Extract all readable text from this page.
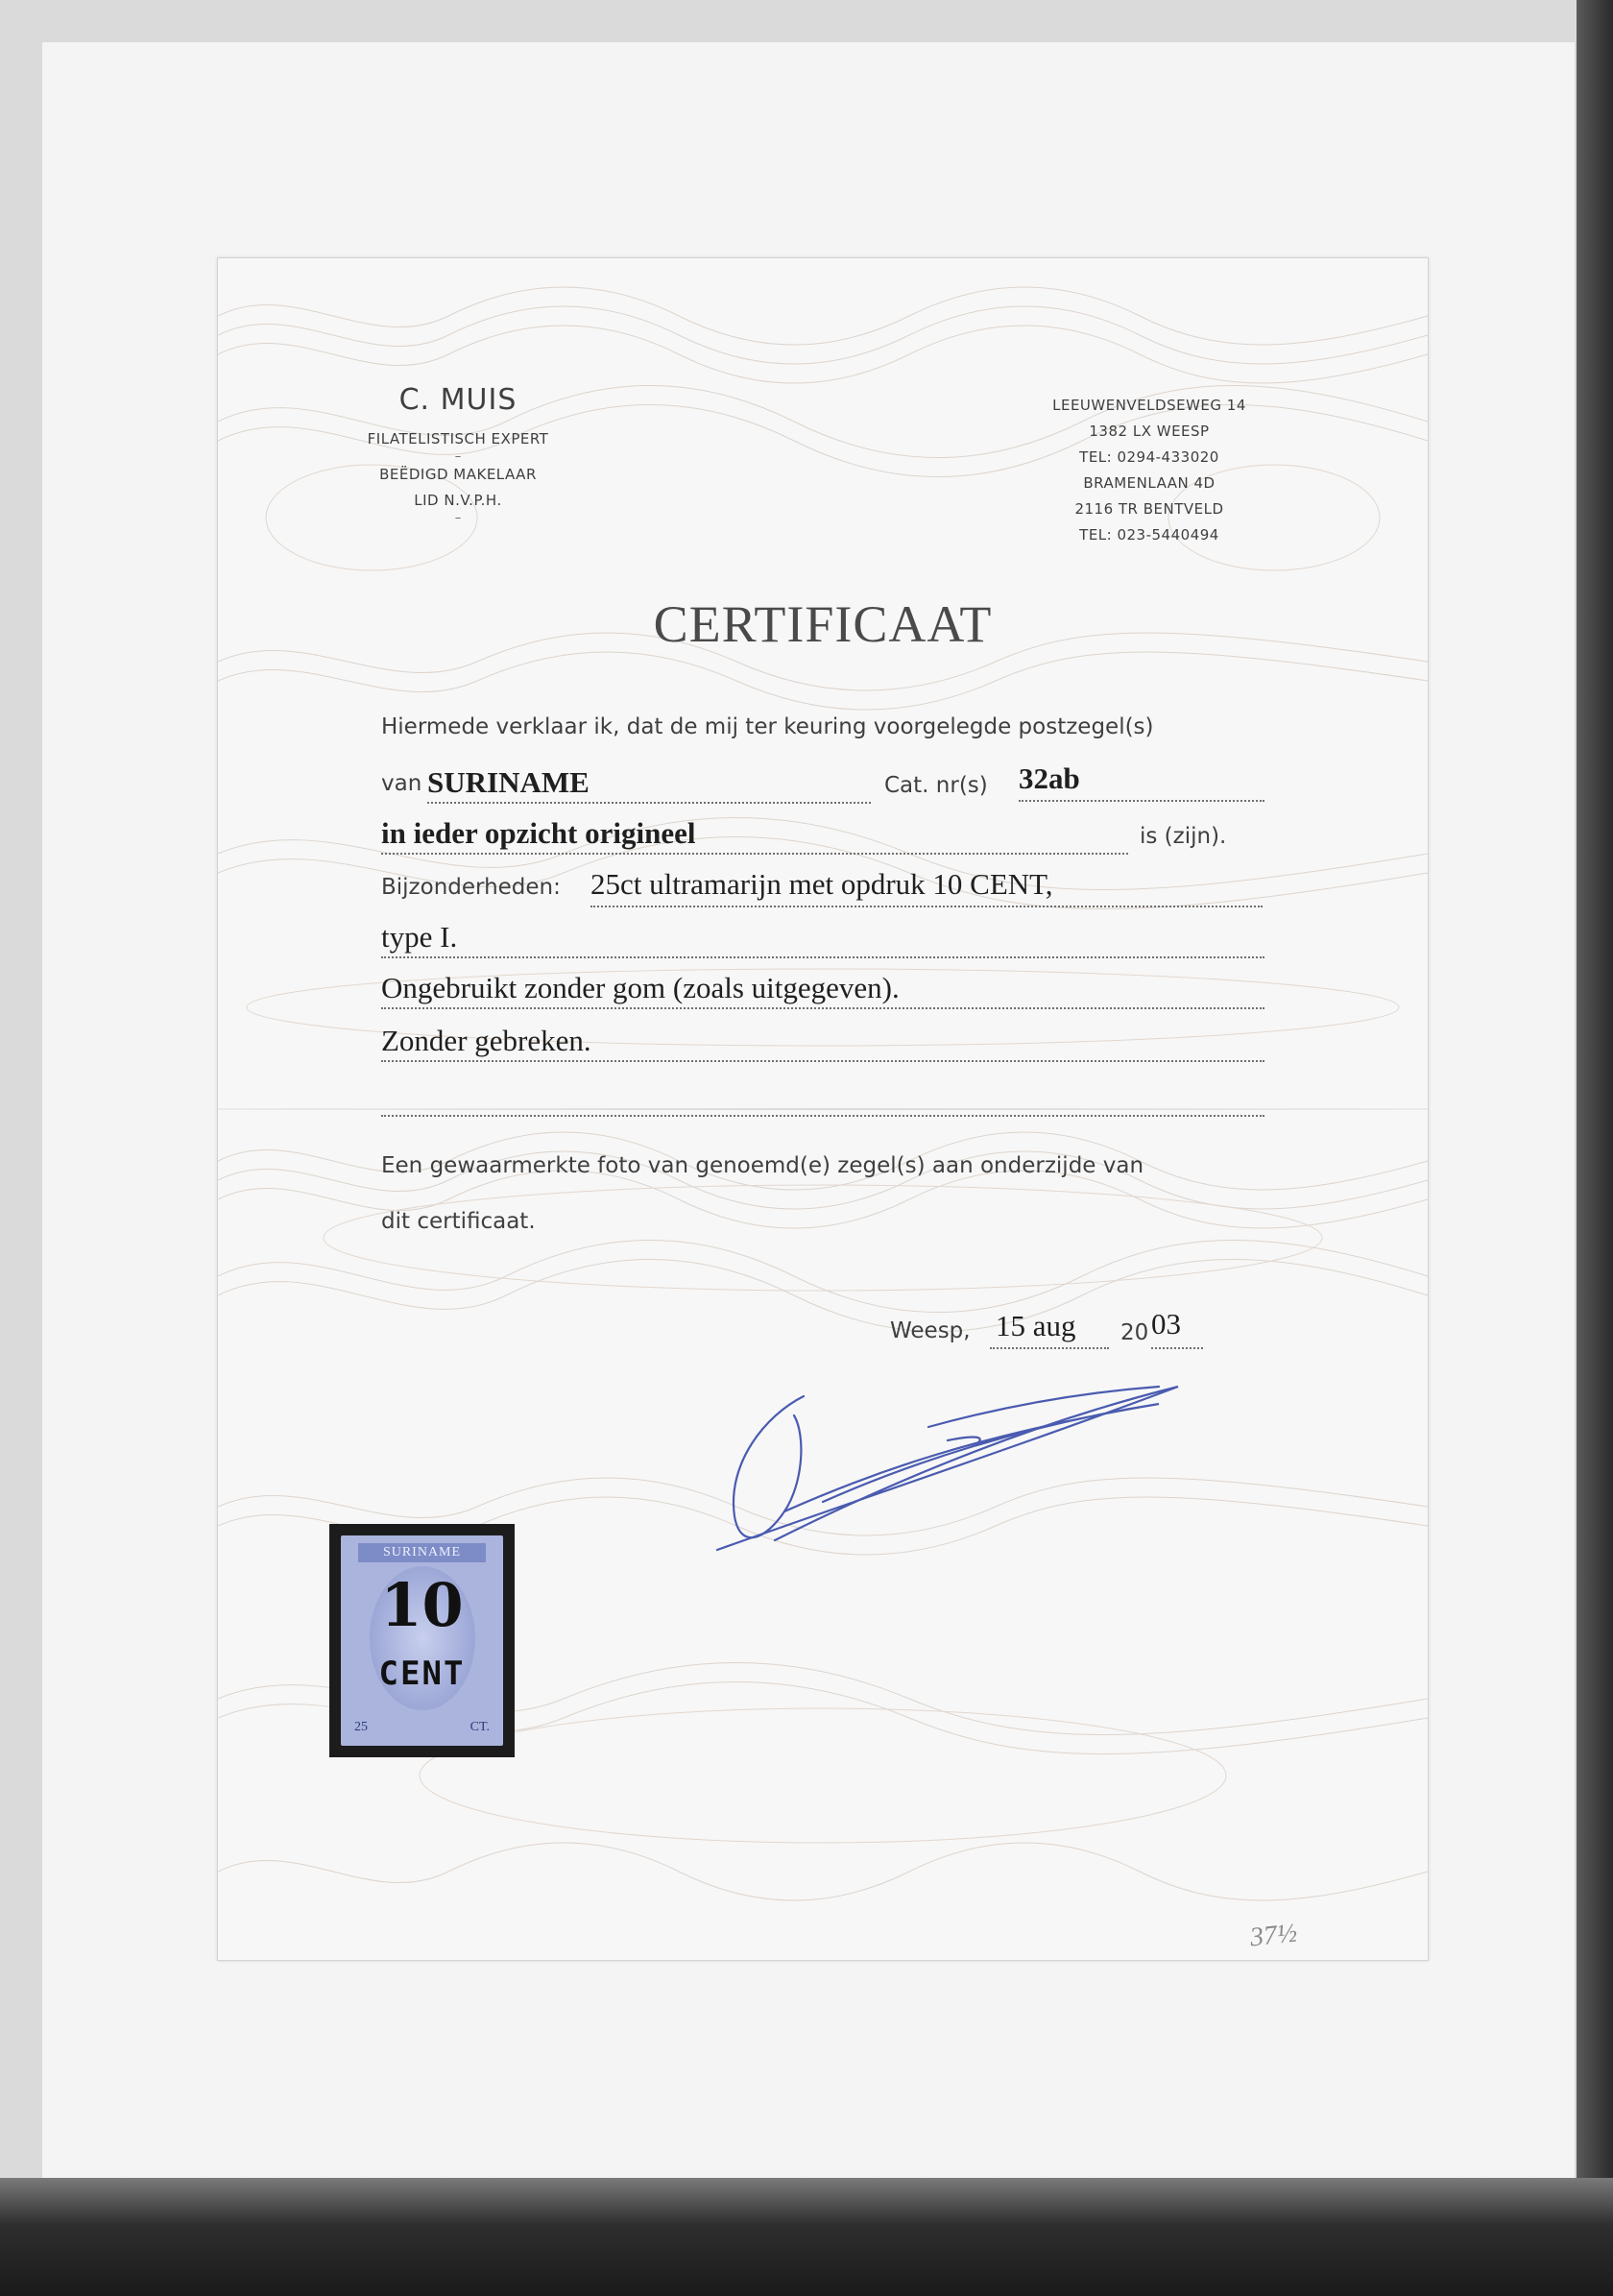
C. MUIS
FILATELISTISCH EXPERT
–
BEËDIGD MAKELAAR
LID N.V.P.H.
–
LEEUWENVELDSEWEG 14
1382 LX WEESP
TEL: 0294-433020
BRAMENLAAN 4D
2116 TR BENTVELD
TEL: 023-5440494
CERTIFICAAT
Hiermede verklaar ik, dat de mij ter keuring voorgelegde postzegel(s)
van SURINAME	Cat. nr(s) 32ab
in ieder opzicht origineel	is (zijn).
Bijzonderheden: 25ct ultramarijn met opdruk 10 CENT,
type I.
Ongebruikt zonder gom (zoals uitgegeven).
Zonder gebreken.
Een gewaarmerkte foto van genoemd(e) zegel(s) aan onderzijde van
dit certificaat.
Weesp, 15 aug 20 03
SURINAME
10
CENT
25	CT.
37½
